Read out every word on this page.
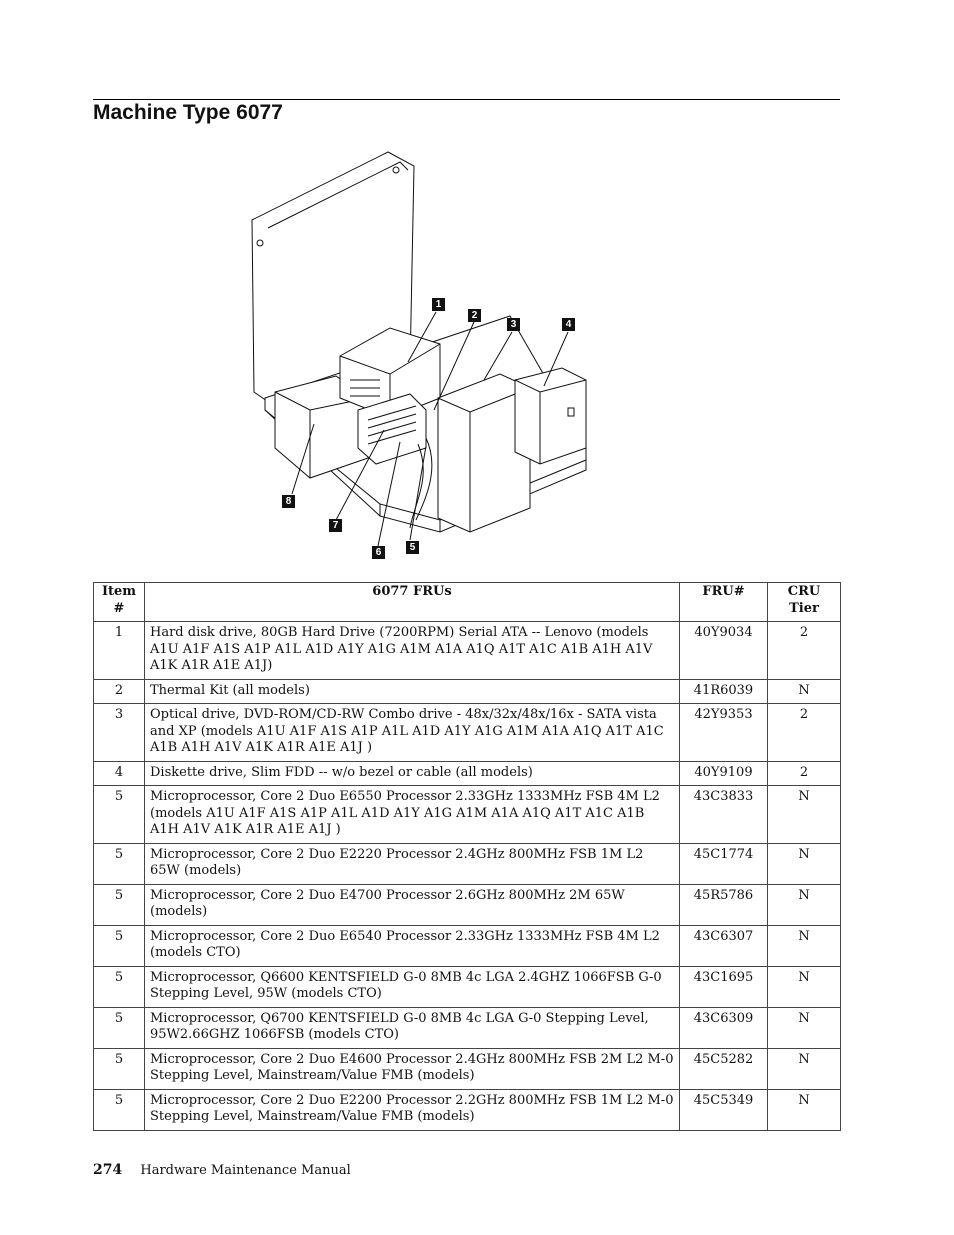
Machine Type 6077
1
2
3	4
5
6
7
8
Item #	6077 FRUs	FRU#	CRU Tier
1	Hard disk drive, 80GB Hard Drive (7200RPM) Serial ATA -- Lenovo (models A1U A1F A1S A1P A1L A1D A1Y A1G A1M A1A A1Q A1T A1C A1B A1H A1V A1K A1R A1E A1J)	40Y9034	2
2	Thermal Kit (all models)	41R6039	N
3	Optical drive, DVD-ROM/CD-RW Combo drive - 48x/32x/48x/16x - SATA vista and XP (models A1U A1F A1S A1P A1L A1D A1Y A1G A1M A1A A1Q A1T A1C A1B A1H A1V A1K A1R A1E A1J )	42Y9353	2
4	Diskette drive, Slim FDD -- w/o bezel or cable (all models)	40Y9109	2
5	Microprocessor, Core 2 Duo E6550 Processor 2.33GHz 1333MHz FSB 4M L2 (models A1U A1F A1S A1P A1L A1D A1Y A1G A1M A1A A1Q A1T A1C A1B A1H A1V A1K A1R A1E A1J )	43C3833	N
5	Microprocessor, Core 2 Duo E2220 Processor 2.4GHz 800MHz FSB 1M L2 65W (models)	45C1774	N
5	Microprocessor, Core 2 Duo E4700 Processor 2.6GHz 800MHz 2M 65W (models)	45R5786	N
5	Microprocessor, Core 2 Duo E6540 Processor 2.33GHz 1333MHz FSB 4M L2 (models CTO)	43C6307	N
5	Microprocessor, Q6600 KENTSFIELD G-0 8MB 4c LGA 2.4GHZ 1066FSB G-0 Stepping Level, 95W (models CTO)	43C1695	N
5	Microprocessor, Q6700 KENTSFIELD G-0 8MB 4c LGA G-0 Stepping Level, 95W2.66GHZ 1066FSB (models CTO)	43C6309	N
5	Microprocessor, Core 2 Duo E4600 Processor 2.4GHz 800MHz FSB 2M L2 M-0 Stepping Level, Mainstream/Value FMB (models)	45C5282	N
5	Microprocessor, Core 2 Duo E2200 Processor 2.2GHz 800MHz FSB 1M L2 M-0 Stepping Level, Mainstream/Value FMB (models)	45C5349	N
274 Hardware Maintenance Manual
